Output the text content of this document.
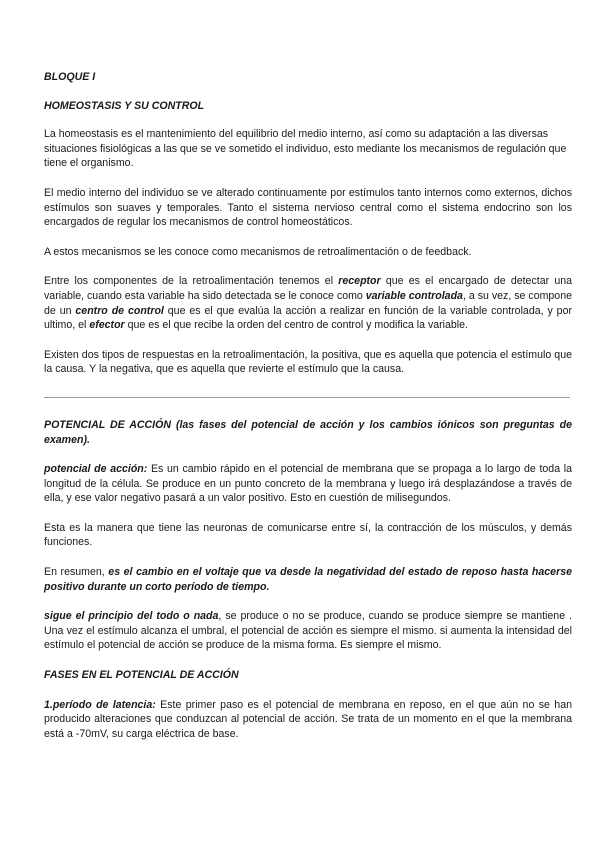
BLOQUE I

HOMEOSTASIS Y SU CONTROL

La homeostasis es el mantenimiento del equilibrio del medio interno, así como su adaptación a las diversas situaciones fisiológicas a las que se ve sometido el individuo, esto mediante los mecanismos de regulación que tiene el organismo.

El medio interno del individuo se ve alterado continuamente por estímulos tanto internos como externos, dichos estímulos son suaves y temporales. Tanto el sistema nervioso central como el sistema endocrino son los encargados de regular los mecanismos de control homeostáticos.

A estos mecanismos se les conoce como mecanismos de retroalimentación o de feedback.

Entre los componentes de la retroalimentación tenemos el receptor que es el encargado de detectar una variable, cuando esta variable ha sido detectada se le conoce como variable controlada, a su vez, se compone de un centro de control que es el que evalúa la acción a realizar en función de la variable controlada, y por ultimo, el efector que es el que recibe la orden del centro de control y modifica la variable.

Existen dos tipos de respuestas en la retroalimentación, la positiva, que es aquella que potencia el estímulo que la causa. Y la negativa, que es aquella que revierte el estímulo que la causa.

POTENCIAL DE ACCIÓN (las fases del potencial de acción y los cambios iónicos son preguntas de examen).

potencial de acción: Es un cambio rápido en el potencial de membrana que se propaga a lo largo de toda la longitud de la célula. Se produce en un punto concreto de la membrana y luego irá desplazándose a través de ella, y ese valor negativo pasará a un valor positivo. Esto en cuestión de milisegundos.

Esta es la manera que tiene las neuronas de comunicarse entre sí, la contracción de los músculos, y demás funciones.

En resumen, es el cambio en el voltaje que va desde la negatividad del estado de reposo hasta hacerse positivo durante un corto período de tiempo.

sigue el principio del todo o nada, se produce o no se produce, cuando se produce siempre se mantiene . Una vez el estímulo alcanza el umbral, el potencial de acción es siempre el mismo. si aumenta la intensidad del estímulo el potencial de acción se produce de la misma forma. Es siempre el mismo.

FASES EN EL POTENCIAL DE ACCIÓN

1.período de latencia: Este primer paso es el potencial de membrana en reposo, en el que aún no se han producido alteraciones que conduzcan al potencial de acción. Se trata de un momento en el que la membrana está a -70mV, su carga eléctrica de base.
